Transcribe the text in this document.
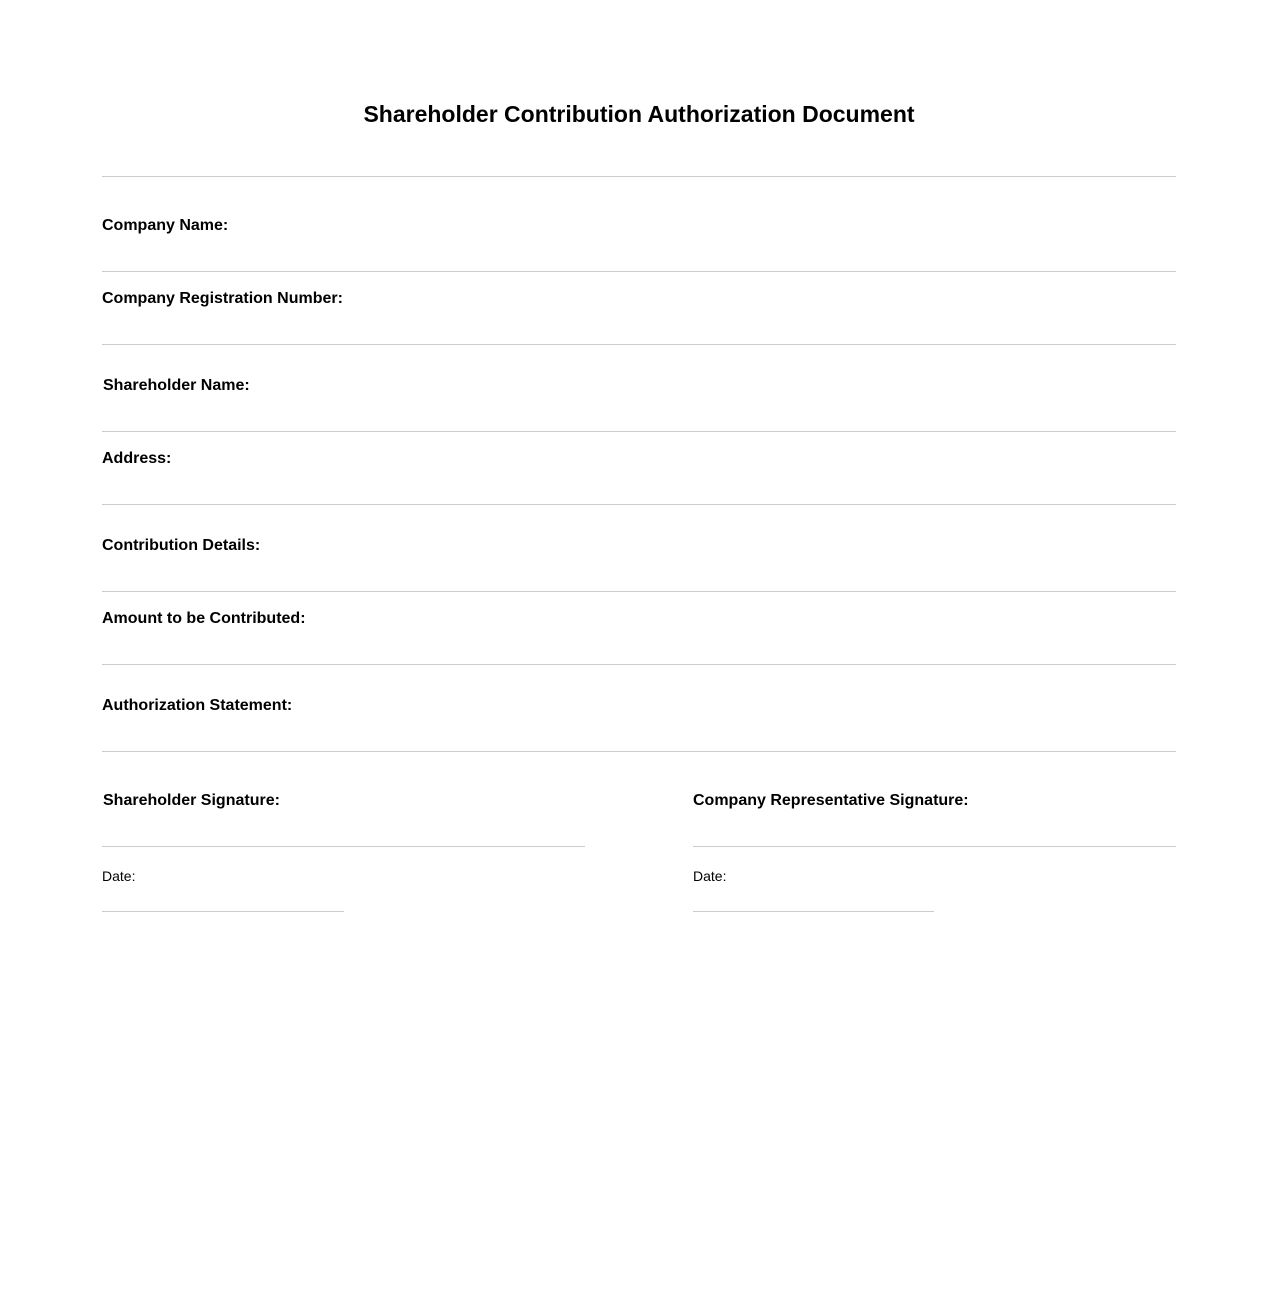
Shareholder Contribution Authorization Document
Company Name:
Company Registration Number:
Shareholder Name:
Address:
Contribution Details:
Amount to be Contributed:
Authorization Statement:
Shareholder Signature:
Date:
Company Representative Signature:
Date:
